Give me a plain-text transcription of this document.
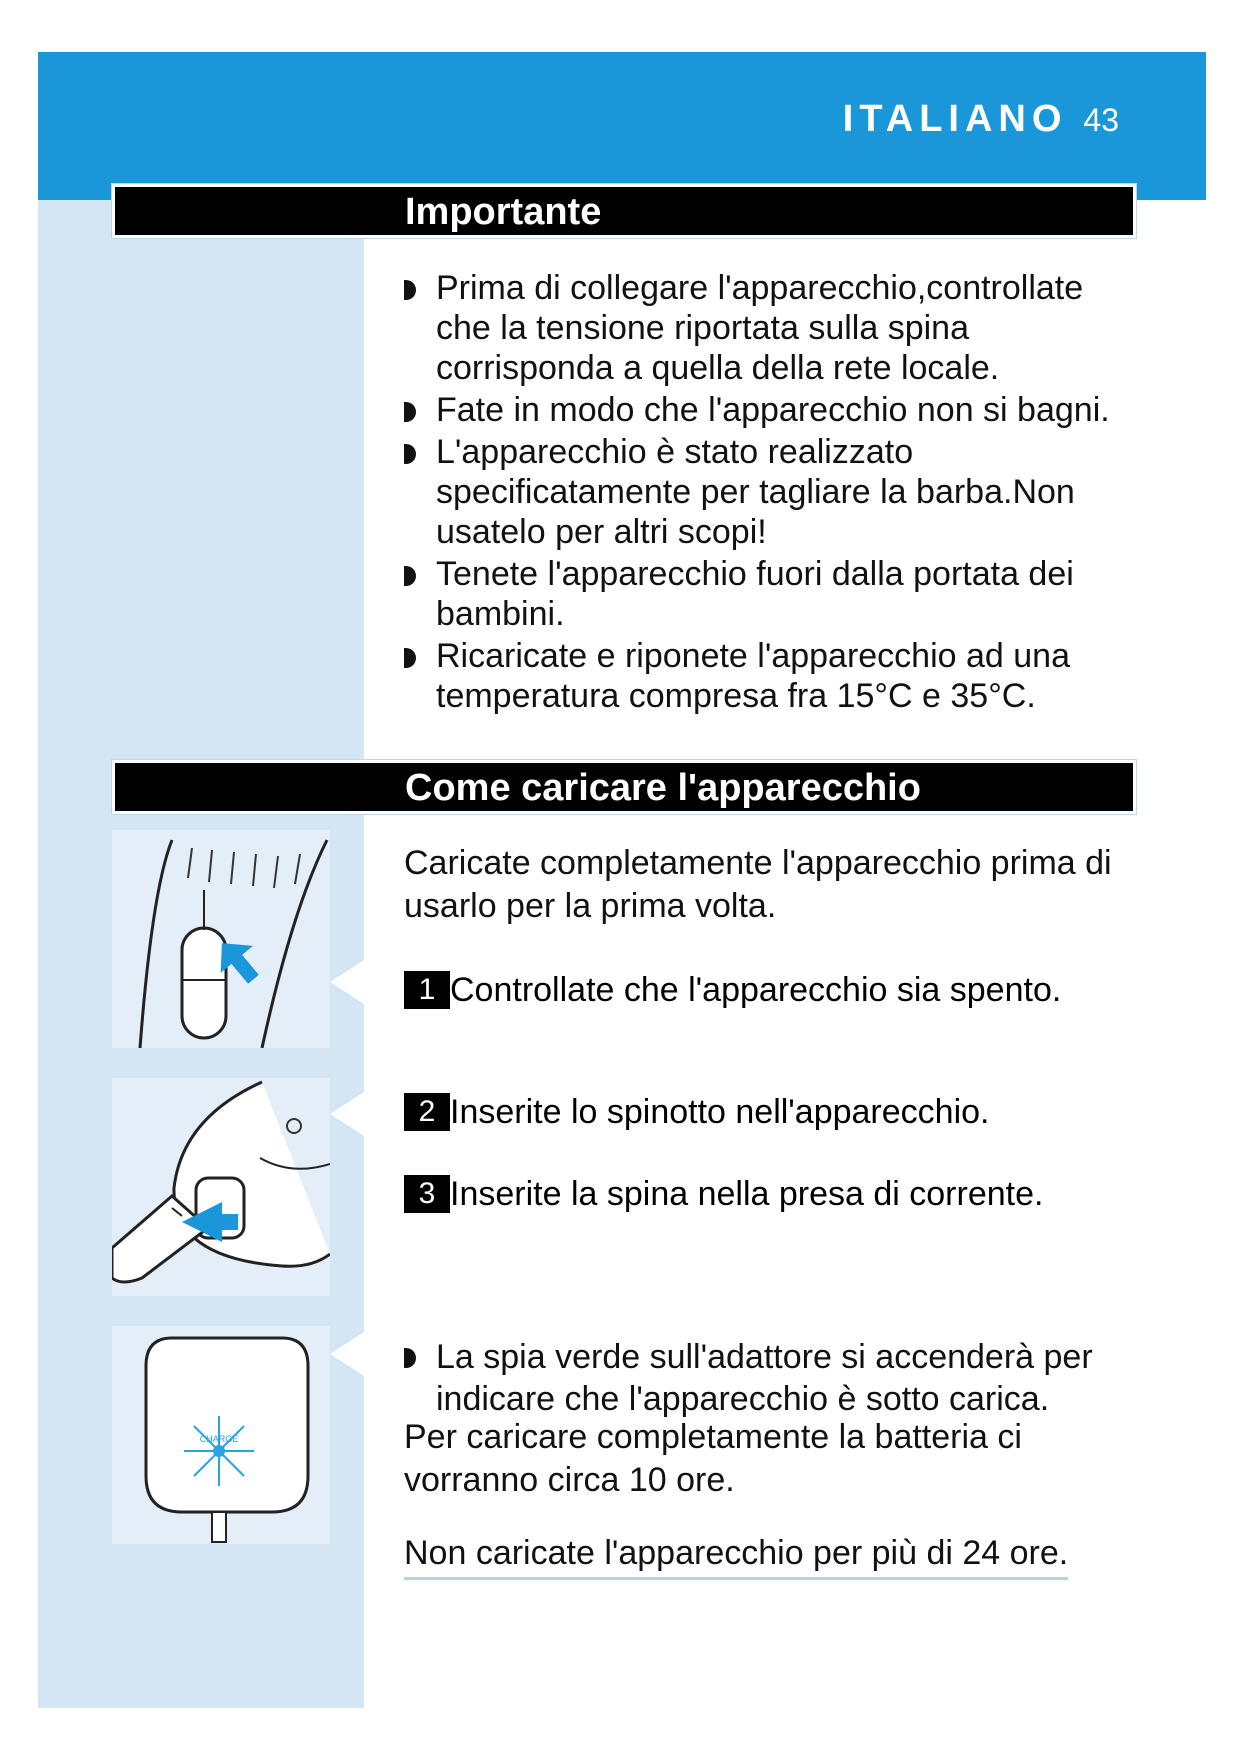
ITALIANO 43
Importante

Prima di collegare l'apparecchio,controllate che la tensione riportata sulla spina corrisponda a quella della rete locale.

Fate in modo che l'apparecchio non si bagni.

L'apparecchio è stato realizzato specificatamente per tagliare la barba.Non usatelo per altri scopi!

Tenete l'apparecchio fuori dalla portata dei bambini.

Ricaricate e riponete l'apparecchio ad una temperatura compresa fra 15°C e 35°C.

Come caricare l'apparecchio

Caricate completamente l'apparecchio prima di usarlo per la prima volta.

1 Controllate che l'apparecchio sia spento.
2 Inserite lo spinotto nell'apparecchio.
3 Inserite la spina nella presa di corrente.

La spia verde sull'adattore si accenderà per indicare che l'apparecchio è sotto carica.

Per caricare completamente la batteria ci vorranno circa 10 ore.

Non caricate l'apparecchio per più di 24 ore.

CHARGE
